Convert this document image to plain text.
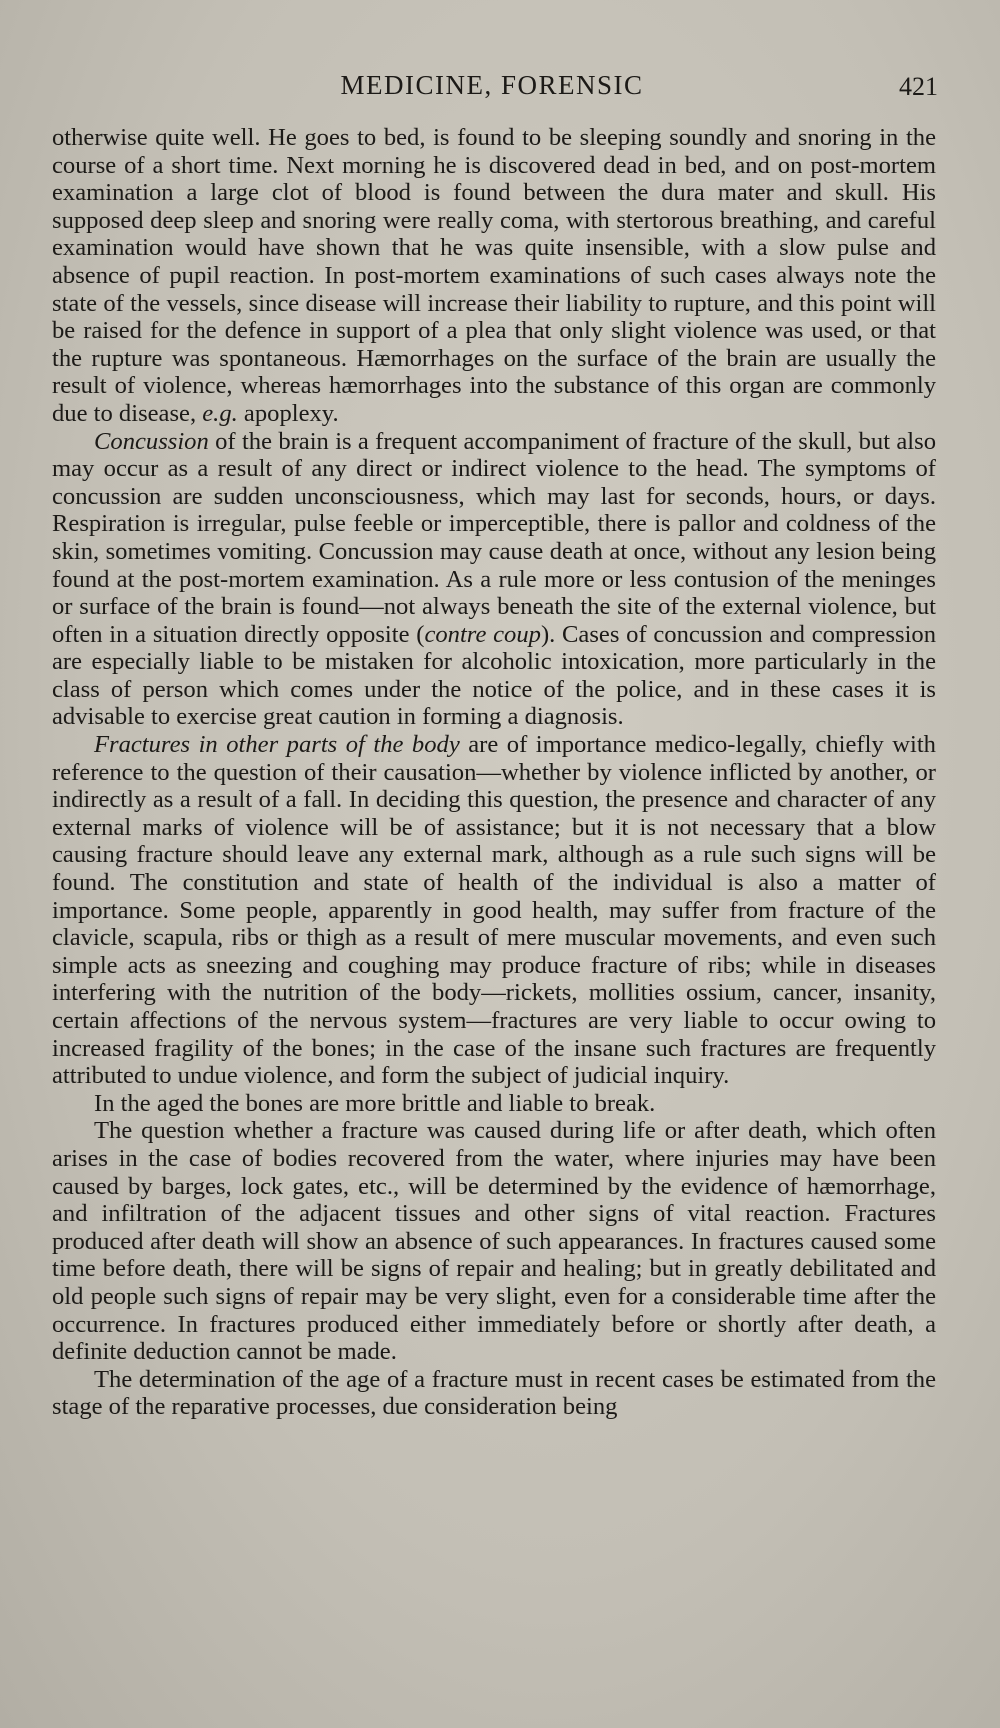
MEDICINE, FORENSIC	421

otherwise quite well. He goes to bed, is found to be sleeping soundly and snoring in the course of a short time. Next morning he is discovered dead in bed, and on post-mortem examination a large clot of blood is found between the dura mater and skull. His supposed deep sleep and snoring were really coma, with stertorous breathing, and careful examination would have shown that he was quite insensible, with a slow pulse and absence of pupil reaction. In post-mortem examinations of such cases always note the state of the vessels, since disease will increase their liability to rupture, and this point will be raised for the defence in support of a plea that only slight violence was used, or that the rupture was spontaneous. Hæmorrhages on the surface of the brain are usually the result of violence, whereas hæmorrhages into the substance of this organ are commonly due to disease, e.g. apoplexy.

Concussion of the brain is a frequent accompaniment of fracture of the skull, but also may occur as a result of any direct or indirect violence to the head. The symptoms of concussion are sudden unconsciousness, which may last for seconds, hours, or days. Respiration is irregular, pulse feeble or imperceptible, there is pallor and coldness of the skin, sometimes vomiting. Concussion may cause death at once, without any lesion being found at the post-mortem examination. As a rule more or less contusion of the meninges or surface of the brain is found—not always beneath the site of the external violence, but often in a situation directly opposite (contre coup). Cases of concussion and compression are especially liable to be mistaken for alcoholic intoxication, more particularly in the class of person which comes under the notice of the police, and in these cases it is advisable to exercise great caution in forming a diagnosis.

Fractures in other parts of the body are of importance medico-legally, chiefly with reference to the question of their causation—whether by violence inflicted by another, or indirectly as a result of a fall. In deciding this question, the presence and character of any external marks of violence will be of assistance; but it is not necessary that a blow causing fracture should leave any external mark, although as a rule such signs will be found. The constitution and state of health of the individual is also a matter of importance. Some people, apparently in good health, may suffer from fracture of the clavicle, scapula, ribs or thigh as a result of mere muscular movements, and even such simple acts as sneezing and coughing may produce fracture of ribs; while in diseases interfering with the nutrition of the body—rickets, mollities ossium, cancer, insanity, certain affections of the nervous system—fractures are very liable to occur owing to increased fragility of the bones; in the case of the insane such fractures are frequently attributed to undue violence, and form the subject of judicial inquiry.

In the aged the bones are more brittle and liable to break.

The question whether a fracture was caused during life or after death, which often arises in the case of bodies recovered from the water, where injuries may have been caused by barges, lock gates, etc., will be determined by the evidence of hæmorrhage, and infiltration of the adjacent tissues and other signs of vital reaction. Fractures produced after death will show an absence of such appearances. In fractures caused some time before death, there will be signs of repair and healing; but in greatly debilitated and old people such signs of repair may be very slight, even for a considerable time after the occurrence. In fractures produced either immediately before or shortly after death, a definite deduction cannot be made.

The determination of the age of a fracture must in recent cases be estimated from the stage of the reparative processes, due consideration being
